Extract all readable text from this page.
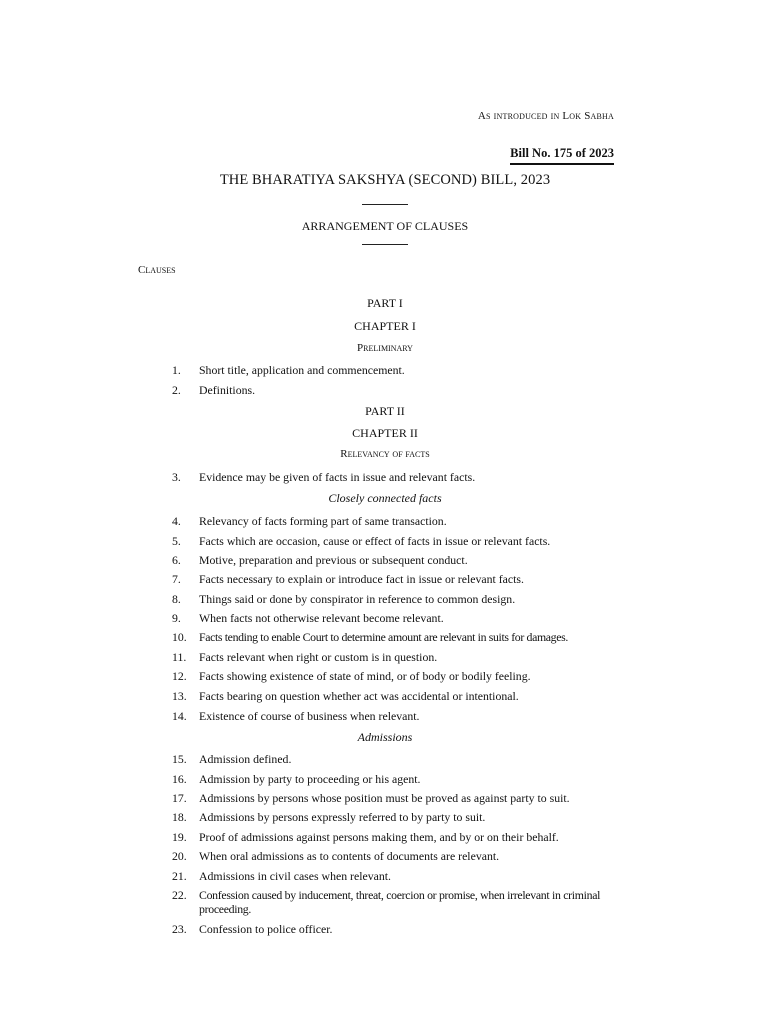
As introduced in Lok Sabha
Bill No. 175 of 2023
THE BHARATIYA SAKSHYA (SECOND) BILL, 2023
ARRANGEMENT OF CLAUSES
Clauses
PART I
CHAPTER I
Preliminary
1.	Short title, application and commencement.
2.	Definitions.
PART II
CHAPTER II
Relevancy of facts
3.	Evidence may be given of facts in issue and relevant facts.
Closely connected facts
4.	Relevancy of facts forming part of same transaction.
5.	Facts which are occasion, cause or effect of facts in issue or relevant facts.
6.	Motive, preparation and previous or subsequent conduct.
7.	Facts necessary to explain or introduce fact in issue or relevant facts.
8.	Things said or done by conspirator in reference to common design.
9.	When facts not otherwise relevant become relevant.
10.	Facts tending to enable Court to determine amount are relevant in suits for damages.
11.	Facts relevant when right or custom is in question.
12.	Facts showing existence of state of mind, or of body or bodily feeling.
13.	Facts bearing on question whether act was accidental or intentional.
14.	Existence of course of business when relevant.
Admissions
15.	Admission defined.
16.	Admission by party to proceeding or his agent.
17.	Admissions by persons whose position must be proved as against party to suit.
18.	Admissions by persons expressly referred to by party to suit.
19.	Proof of admissions against persons making them, and by or on their behalf.
20.	When oral admissions as to contents of documents are relevant.
21.	Admissions in civil cases when relevant.
22.	Confession caused by inducement, threat, coercion or promise, when irrelevant in criminal proceeding.
23.	Confession to police officer.
